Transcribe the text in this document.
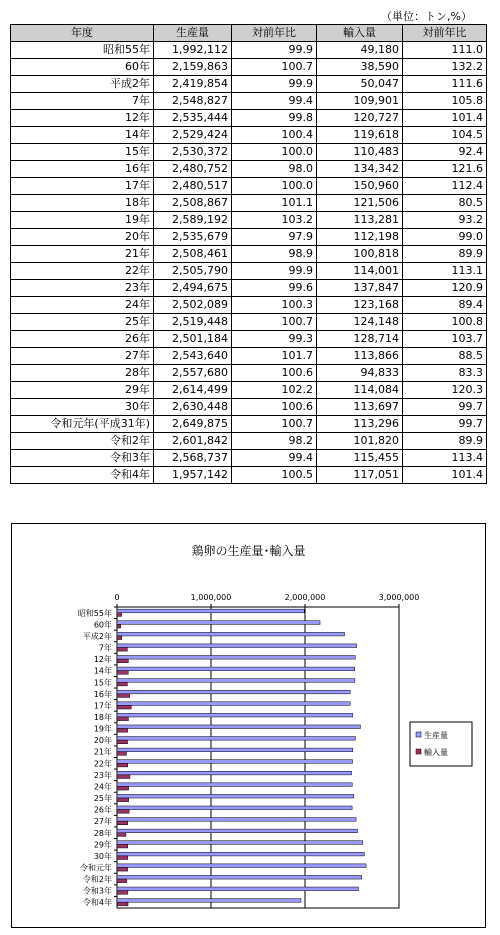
（単位：トン,%）
年度	生産量	対前年比	輸入量	対前年比
昭和55年	1,992,112	99.9	49,180	111.0
60年	2,159,863	100.7	38,590	132.2
平成2年	2,419,854	99.9	50,047	111.6
7年	2,548,827	99.4	109,901	105.8
12年	2,535,444	99.8	120,727	101.4
14年	2,529,424	100.4	119,618	104.5
15年	2,530,372	100.0	110,483	92.4
16年	2,480,752	98.0	134,342	121.6
17年	2,480,517	100.0	150,960	112.4
18年	2,508,867	101.1	121,506	80.5
19年	2,589,192	103.2	113,281	93.2
20年	2,535,679	97.9	112,198	99.0
21年	2,508,461	98.9	100,818	89.9
22年	2,505,790	99.9	114,001	113.1
23年	2,494,675	99.6	137,847	120.9
24年	2,502,089	100.3	123,168	89.4
25年	2,519,448	100.7	124,148	100.8
26年	2,501,184	99.3	128,714	103.7
27年	2,543,640	101.7	113,866	88.5
28年	2,557,680	100.6	94,833	83.3
29年	2,614,499	102.2	114,084	120.3
30年	2,630,448	100.6	113,697	99.7
令和元年(平成31年)	2,649,875	100.7	113,296	99.7
令和2年	2,601,842	98.2	101,820	89.9
令和3年	2,568,737	99.4	115,455	113.4
令和4年	1,957,142	100.5	117,051	101.4
鶏卵の生産量･輸入量
0	1,000,000	2,000,000	3,000,000
昭和55年
60年
平成2年
7年
12年
14年
15年
16年
17年
18年
19年
20年
21年
22年
23年
24年
25年
26年
27年
28年
29年
30年
令和元年
令和2年
令和3年
令和4年
生産量
輸入量
